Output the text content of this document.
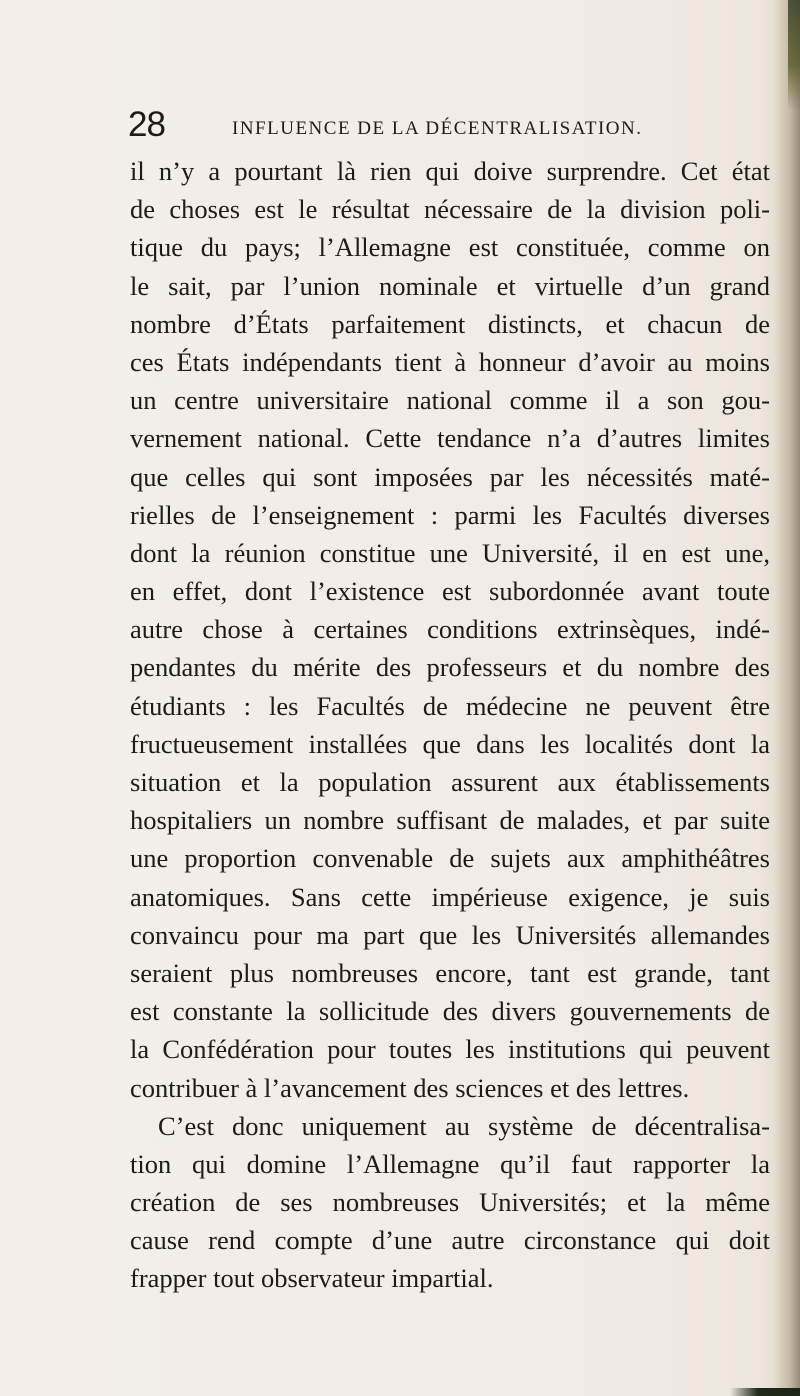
28	INFLUENCE DE LA DÉCENTRALISATION.
il n’y a pourtant là rien qui doive surprendre. Cet état
de choses est le résultat nécessaire de la division poli-
tique du pays; l’Allemagne est constituée, comme on
le sait, par l’union nominale et virtuelle d’un grand
nombre d’États parfaitement distincts, et chacun de
ces États indépendants tient à honneur d’avoir au moins
un centre universitaire national comme il a son gou-
vernement national. Cette tendance n’a d’autres limites
que celles qui sont imposées par les nécessités maté-
rielles de l’enseignement : parmi les Facultés diverses
dont la réunion constitue une Université, il en est une,
en effet, dont l’existence est subordonnée avant toute
autre chose à certaines conditions extrinsèques, indé-
pendantes du mérite des professeurs et du nombre des
étudiants : les Facultés de médecine ne peuvent être
fructueusement installées que dans les localités dont la
situation et la population assurent aux établissements
hospitaliers un nombre suffisant de malades, et par suite
une proportion convenable de sujets aux amphithéâtres
anatomiques. Sans cette impérieuse exigence, je suis
convaincu pour ma part que les Universités allemandes
seraient plus nombreuses encore, tant est grande, tant
est constante la sollicitude des divers gouvernements de
la Confédération pour toutes les institutions qui peuvent
contribuer à l’avancement des sciences et des lettres.
C’est donc uniquement au système de décentralisa-
tion qui domine l’Allemagne qu’il faut rapporter la
création de ses nombreuses Universités; et la même
cause rend compte d’une autre circonstance qui doit
frapper tout observateur impartial.
